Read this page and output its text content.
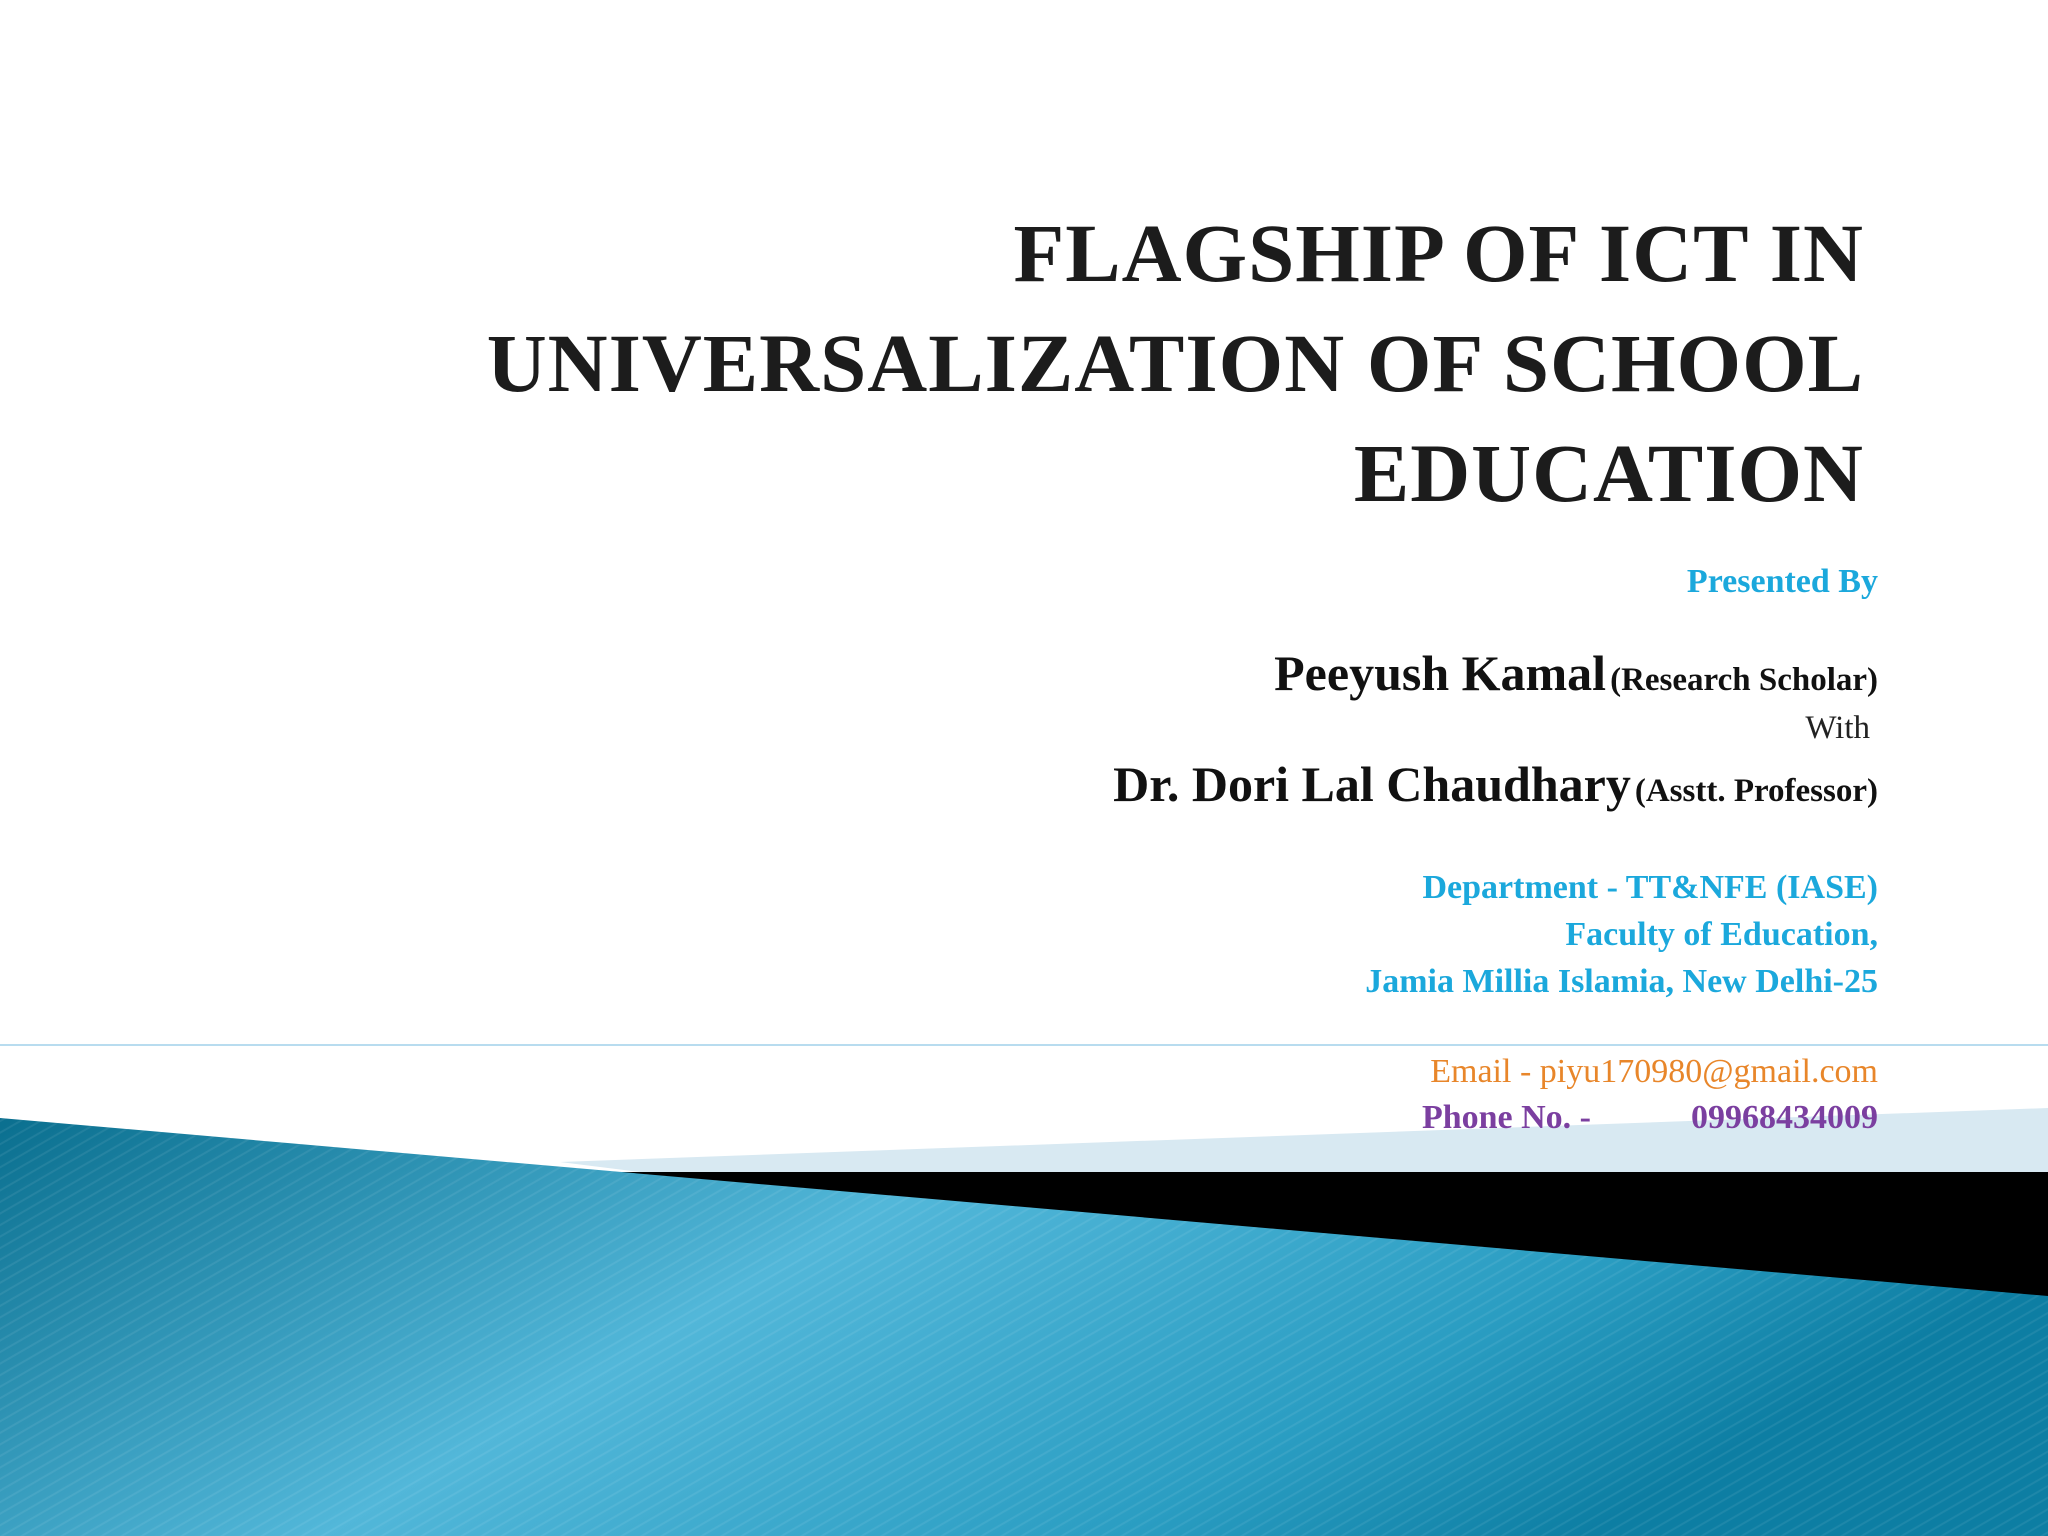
FLAGSHIP OF ICT IN
UNIVERSALIZATION OF SCHOOL
EDUCATION
Presented By
Peeyush Kamal (Research Scholar)
With
Dr. Dori Lal Chaudhary (Asstt. Professor)
Department - TT&NFE (IASE)
Faculty of Education,
Jamia Millia Islamia, New Delhi-25
Email - piyu170980@gmail.com
Phone No. -	09968434009
